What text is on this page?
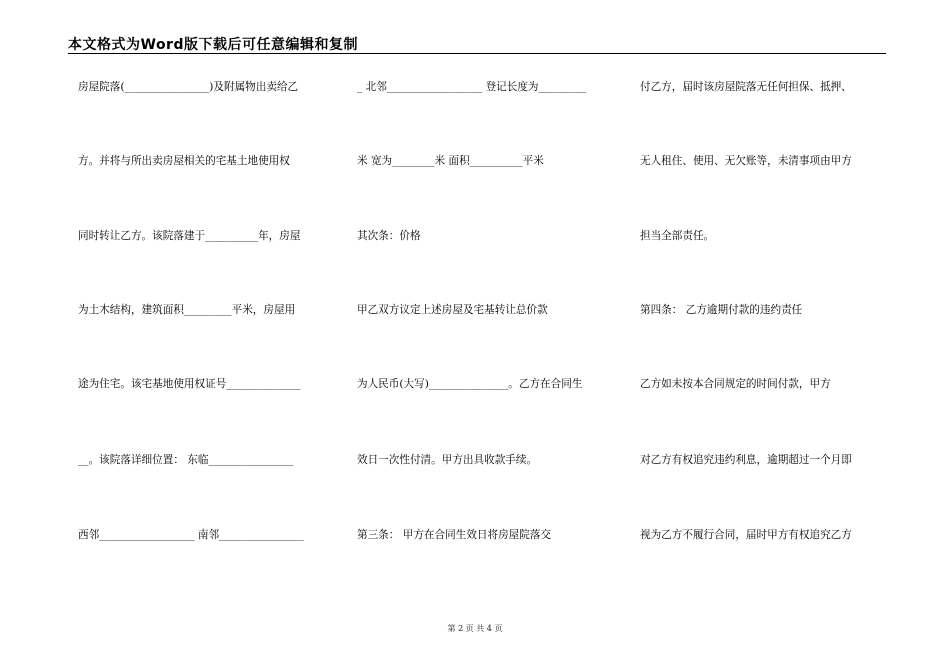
本文格式为Word版下载后可任意编辑和复制
房屋院落(________________)及附属物出卖给乙
方。并将与所出卖房屋相关的宅基土地使用权
同时转让乙方。该院落建于__________年，房屋
为土木结构，建筑面积_________平米，房屋用
途为住宅。该宅基地使用权证号______________
__。该院落详细位置： 东临________________
西邻__________________ 南邻________________
_ 北邻__________________ 登记长度为_________
米 宽为________米 面积__________平米
其次条：价格
甲乙双方议定上述房屋及宅基转让总价款
为人民币(大写)_______________。乙方在合同生
效日一次性付清。甲方出具收款手续。
第三条： 甲方在合同生效日将房屋院落交
付乙方，届时该房屋院落无任何担保、抵押、
无人租住、使用、无欠账等，未清事项由甲方
担当全部责任。
第四条： 乙方逾期付款的违约责任
乙方如未按本合同规定的时间付款，甲方
对乙方有权追究违约利息，逾期超过一个月即
视为乙方不履行合同，届时甲方有权追究乙方
第 2 页 共 4 页
